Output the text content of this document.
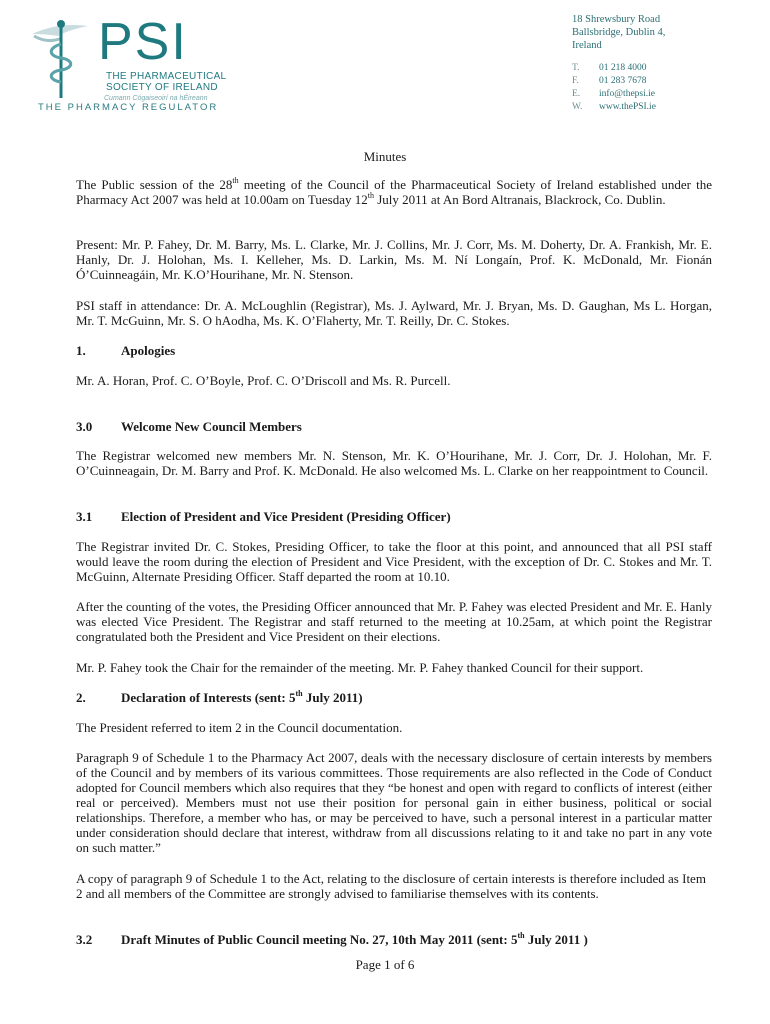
PSI
THE PHARMACEUTICAL
SOCIETY OF IRELAND
Cumann Cógaiseoirí na hÉireann
THE PHARMACY REGULATOR
18 Shrewsbury Road
Ballsbridge, Dublin 4,
Ireland
T.	01 218 4000
F.	01 283 7678
E.	info@thepsi.ie
W.	www.thePSI.ie
Minutes
The Public session of the 28th meeting of the Council of the Pharmaceutical Society of Ireland established under the Pharmacy Act 2007 was held at 10.00am on Tuesday 12th July 2011 at An Bord Altranais, Blackrock, Co. Dublin.
Present: Mr. P. Fahey, Dr. M. Barry, Ms. L. Clarke, Mr. J. Collins, Mr. J. Corr, Ms. M. Doherty, Dr. A. Frankish, Mr. E. Hanly, Dr. J. Holohan, Ms. I. Kelleher, Ms. D. Larkin, Ms. M. Ní Longaín, Prof. K. McDonald, Mr. Fionán Ó’Cuinneagáin, Mr. K.O’Hourihane, Mr. N. Stenson.
PSI staff in attendance: Dr. A. McLoughlin (Registrar), Ms. J. Aylward, Mr. J. Bryan, Ms. D. Gaughan, Ms L. Horgan, Mr. T. McGuinn, Mr. S. O hAodha, Ms. K. O’Flaherty, Mr. T. Reilly, Dr. C. Stokes.
1.	Apologies
Mr. A. Horan, Prof. C. O’Boyle, Prof. C. O’Driscoll and Ms. R. Purcell.
3.0 Welcome New Council Members
The Registrar welcomed new members Mr. N. Stenson, Mr. K. O’Hourihane, Mr. J. Corr, Dr. J. Holohan, Mr. F. O’Cuinneagain, Dr. M. Barry and Prof. K. McDonald. He also welcomed Ms. L. Clarke on her reappointment to Council.
3.1 Election of President and Vice President (Presiding Officer)
The Registrar invited Dr. C. Stokes, Presiding Officer, to take the floor at this point, and announced that all PSI staff would leave the room during the election of President and Vice President, with the exception of Dr. C. Stokes and Mr. T. McGuinn, Alternate Presiding Officer. Staff departed the room at 10.10.
After the counting of the votes, the Presiding Officer announced that Mr. P. Fahey was elected President and Mr. E. Hanly was elected Vice President. The Registrar and staff returned to the meeting at 10.25am, at which point the Registrar congratulated both the President and Vice President on their elections.
Mr. P. Fahey took the Chair for the remainder of the meeting. Mr. P. Fahey thanked Council for their support.
2.	Declaration of Interests (sent: 5th July 2011)
The President referred to item 2 in the Council documentation.
Paragraph 9 of Schedule 1 to the Pharmacy Act 2007, deals with the necessary disclosure of certain interests by members of the Council and by members of its various committees. Those requirements are also reflected in the Code of Conduct adopted for Council members which also requires that they “be honest and open with regard to conflicts of interest (either real or perceived). Members must not use their position for personal gain in either business, political or social relationships. Therefore, a member who has, or may be perceived to have, such a personal interest in a particular matter under consideration should declare that interest, withdraw from all discussions relating to it and take no part in any vote on such matter.”
A copy of paragraph 9 of Schedule 1 to the Act, relating to the disclosure of certain interests is therefore included as Item 2 and all members of the Committee are strongly advised to familiarise themselves with its contents.
3.2 Draft Minutes of Public Council meeting No. 27, 10th May 2011 (sent: 5th July 2011 )
Page 1 of 6
